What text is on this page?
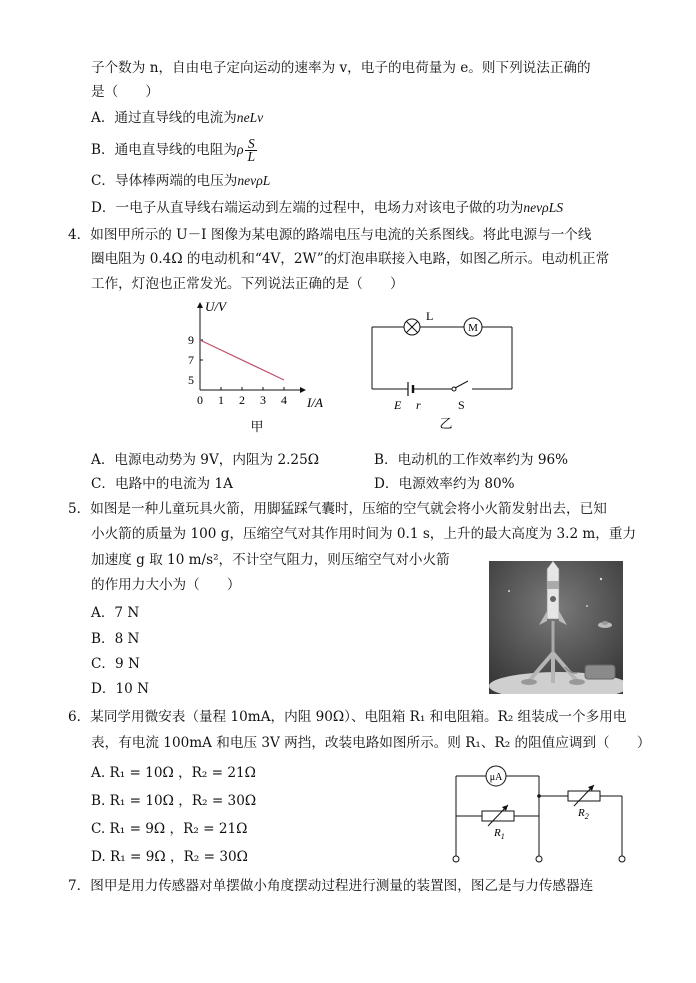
子个数为 n，自由电子定向运动的速率为 v，电子的电荷量为 e。则下列说法正确的
是（　　）
A．通过直导线的电流为neLv
B．通电直导线的电阻为ρ $\frac{S}{L}$
C．导体棒两端的电压为nevρL
D．一电子从直导线右端运动到左端的过程中，电场力对该电子做的功为nevρLS
4．如图甲所示的 U－I 图像为某电源的路端电压与电流的关系图线。将此电源与一个线
圈电阻为 0.4Ω 的电动机和“4V，2W”的灯泡串联接入电路，如图乙所示。电动机正常
工作，灯泡也正常发光。下列说法正确的是（　　）
U/V
I/A
9
7
5
0 1 2 3 4
甲
M
L
E r	S
乙
A．电源电动势为 9V，内阻为 2.25Ω	B．电动机的工作效率约为 96%
C．电路中的电流为 1A	D．电源效率约为 80%
5．如图是一种儿童玩具火箭，用脚猛踩气囊时，压缩的空气就会将小火箭发射出去，已知
小火箭的质量为 100 g，压缩空气对其作用时间为 0.1 s，上升的最大高度为 3.2 m，重力
加速度 g 取 10 m/s²，不计空气阻力，则压缩空气对小火箭
的作用力大小为（　　）
A．7 N
B．8 N
C．9 N
D．10 N
6．某同学用微安表（量程 10mA，内阻 90Ω）、电阻箱 R₁ 和电阻箱。R₂ 组装成一个多用电
表，有电流 100mA 和电压 3V 两挡，改装电路如图所示。则 R₁、R₂ 的阻值应调到（　　）
A. R₁ = 10Ω ，R₂ = 21Ω
B. R₁ = 10Ω ，R₂ = 30Ω
C. R₁ = 9Ω ，R₂ = 21Ω
D. R₁ = 9Ω ，R₂ = 30Ω
μA
$R_1$
$R_2$
7．图甲是用力传感器对单摆做小角度摆动过程进行测量的装置图，图乙是与力传感器连
